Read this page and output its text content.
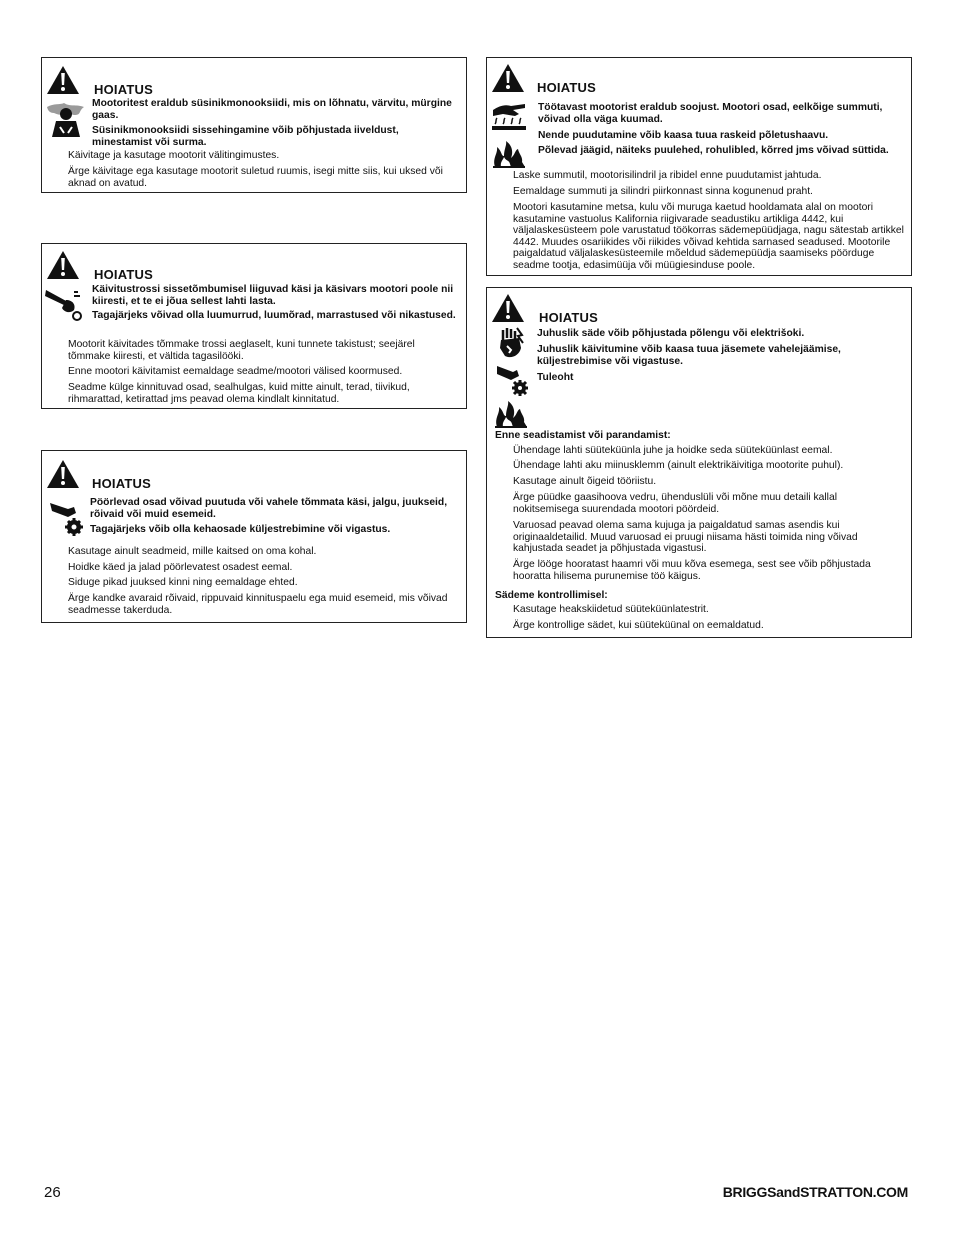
HOIATUS
Mootoritest eraldub süsinikmonooksiidi, mis on lõhnatu, värvitu, mürgine gaas.
Süsinikmonooksiidi sissehingamine võib põhjustada iiveldust, minestamist või surma.
Käivitage ja kasutage mootorit välitingimustes.
Ärge käivitage ega kasutage mootorit suletud ruumis, isegi mitte siis, kui uksed või aknad on avatud.
HOIATUS
Käivitustrossi sissetõmbumisel liiguvad käsi ja käsivars mootori poole nii kiiresti, et te ei jõua sellest lahti lasta.
Tagajärjeks võivad olla luumurrud, luumõrad, marrastused või nikastused.
Mootorit käivitades tõmmake trossi aeglaselt, kuni tunnete takistust; seejärel tõmmake kiiresti, et vältida tagasilööki.
Enne mootori käivitamist eemaldage seadme/mootori välised koormused.
Seadme külge kinnituvad osad, sealhulgas, kuid mitte ainult, terad, tiivikud, rihmarattad, ketirattad jms peavad olema kindlalt kinnitatud.
HOIATUS
Pöörlevad osad võivad puutuda või vahele tõmmata käsi, jalgu, juukseid, rõivaid või muid esemeid.
Tagajärjeks võib olla kehaosade küljestrebimine või vigastus.
Kasutage ainult seadmeid, mille kaitsed on oma kohal.
Hoidke käed ja jalad pöörlevatest osadest eemal.
Siduge pikad juuksed kinni ning eemaldage ehted.
Ärge kandke avaraid rõivaid, rippuvaid kinnituspaelu ega muid esemeid, mis võivad seadmesse takerduda.
HOIATUS
Töötavast mootorist eraldub soojust. Mootori osad, eelkõige summuti, võivad olla väga kuumad.
Nende puudutamine võib kaasa tuua raskeid põletushaavu.
Põlevad jäägid, näiteks puulehed, rohulibled, kõrred jms võivad süttida.
Laske summutil, mootorisilindril ja ribidel enne puudutamist jahtuda.
Eemaldage summuti ja silindri piirkonnast sinna kogunenud praht.
Mootori kasutamine metsa, kulu või muruga kaetud hooldamata alal on mootori kasutamine vastuolus Kalifornia riigivarade seadustiku artikliga 4442, kui väljalaskesüsteem pole varustatud töökorras sädemepüüdjaga, nagu sätestab artikkel 4442. Muudes osariikides või riikides võivad kehtida sarnased seadused. Mootorile paigaldatud väljalaskesüsteemile mõeldud sädemepüüdja saamiseks pöörduge seadme tootja, edasimüüja või müügiesinduse poole.
HOIATUS
Juhuslik säde võib põhjustada põlengu või elektrišoki.
Juhuslik käivitumine võib kaasa tuua jäsemete vahelejäämise, küljestrebimise või vigastuse.
Tuleoht
Enne seadistamist või parandamist:
Ühendage lahti süüteküünla juhe ja hoidke seda süüteküünlast eemal.
Ühendage lahti aku miinusklemm (ainult elektrikäivitiga mootorite puhul).
Kasutage ainult õigeid tööriistu.
Ärge püüdke gaasihoova vedru, ühenduslüli või mõne muu detaili kallal nokitsemisega suurendada mootori pöördeid.
Varuosad peavad olema sama kujuga ja paigaldatud samas asendis kui originaaldetailid. Muud varuosad ei pruugi niisama hästi toimida ning võivad kahjustada seadet ja põhjustada vigastusi.
Ärge lööge hooratast haamri või muu kõva esemega, sest see võib põhjustada hooratta hilisema purunemise töö käigus.
Sädeme kontrollimisel:
Kasutage heakskiidetud süüteküünlatestrit.
Ärge kontrollige sädet, kui süüteküünal on eemaldatud.
26	BRIGGSandSTRATTON.COM
